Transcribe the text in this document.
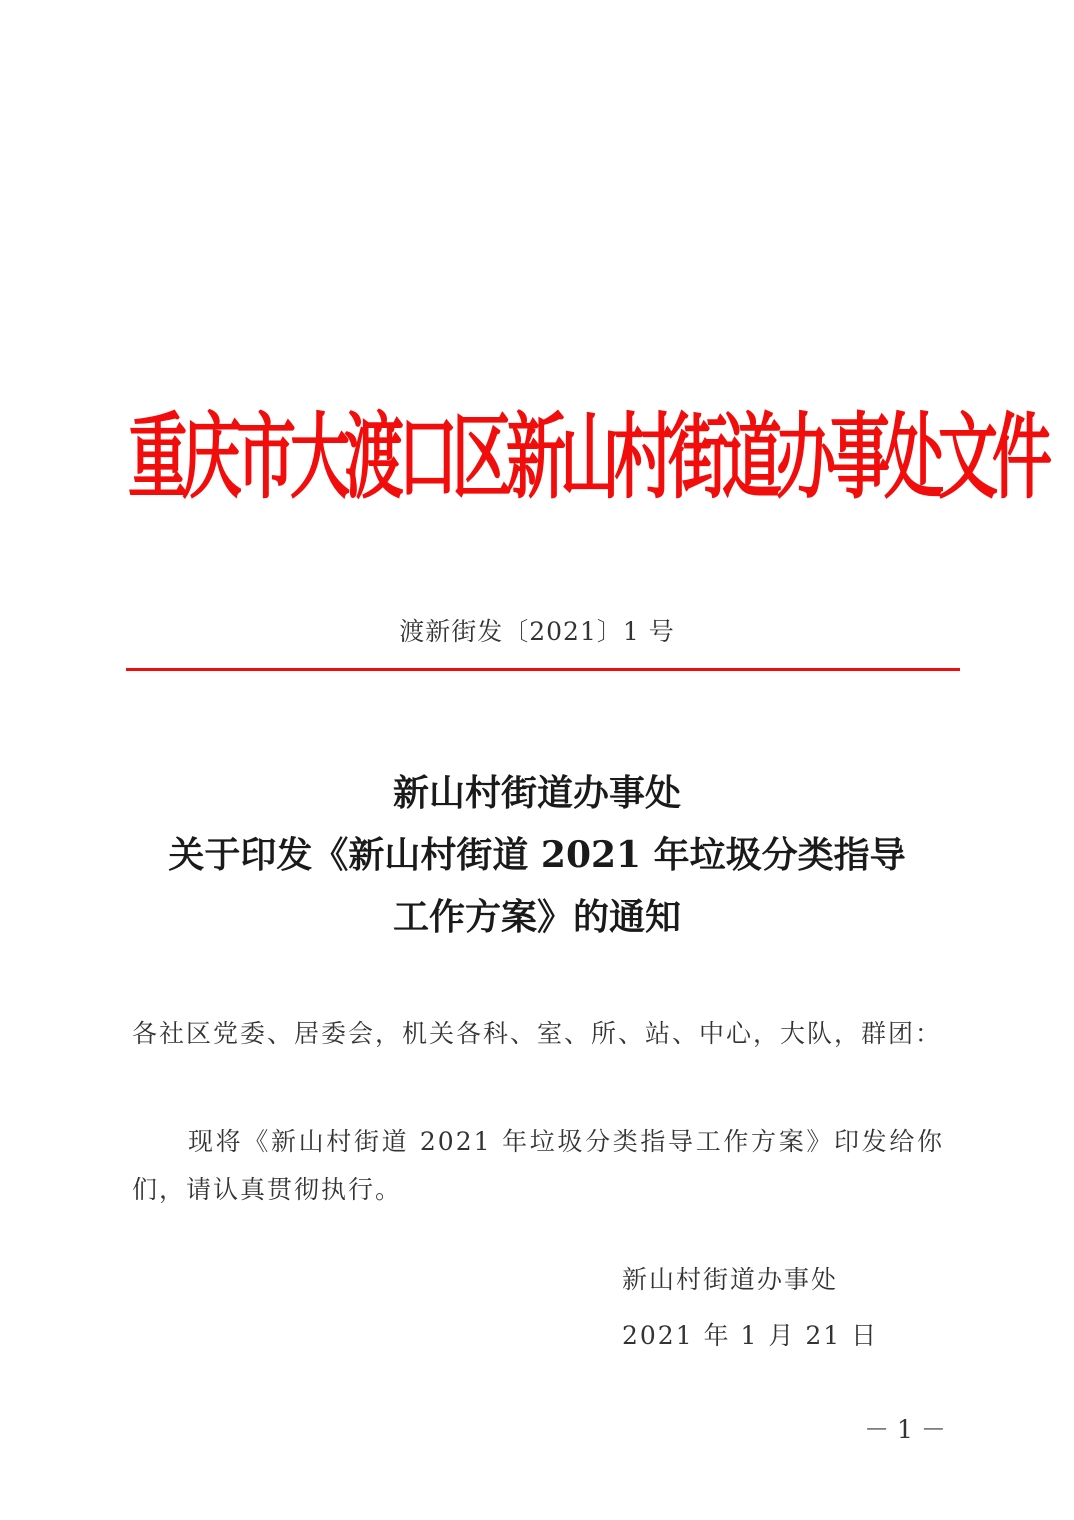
重庆市大渡口区新山村街道办事处文件
渡新街发〔2021〕1 号
新山村街道办事处
关于印发《新山村街道 2021 年垃圾分类指导
工作方案》的通知
各社区党委、居委会，机关各科、室、所、站、中心，大队，群团：
现将《新山村街道 2021 年垃圾分类指导工作方案》印发给你们，请认真贯彻执行。
新山村街道办事处
2021 年 1 月 21 日
－ 1 －
